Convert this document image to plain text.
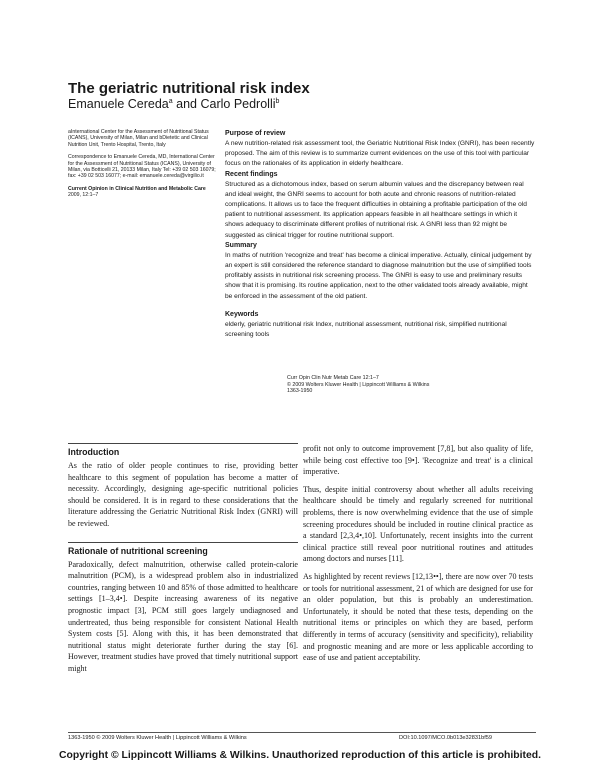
The geriatric nutritional risk index
Emanuele Cereda$^a$ and Carlo Pedrolli$^b$

aInternational Center for the Assessment of Nutritional Status (ICANS), University of Milan, Milan and bDietetic and Clinical Nutrition Unit, Trento Hospital, Trento, Italy

Correspondence to Emanuele Cereda, MD, International Center for the Assessment of Nutritional Status (ICANS), University of Milan, via Botticelli 21, 20133 Milan, Italy Tel: +39 02 503 16079; fax: +39 02 503 16077; e-mail: emanuele.cereda@virgilio.it

Current Opinion in Clinical Nutrition and Metabolic Care 2009, 12:1–7

Purpose of review

A new nutrition-related risk assessment tool, the Geriatric Nutritional Risk Index (GNRI), has been recently proposed. The aim of this review is to summarize current evidences on the use of this tool with particular focus on the rationales of its application in elderly healthcare.

Recent findings

Structured as a dichotomous index, based on serum albumin values and the discrepancy between real and ideal weight, the GNRI seems to account for both acute and chronic reasons of nutrition-related complications. It allows us to face the frequent difficulties in obtaining a profitable participation of the old patient to nutritional assessment. Its application appears feasible in all healthcare settings in which it shows adequacy to discriminate different profiles of nutritional risk. A GNRI less than 92 might be suggested as clinical trigger for routine nutritional support.

Summary

In maths of nutrition 'recognize and treat' has become a clinical imperative. Actually, clinical judgement by an expert is still considered the reference standard to diagnose malnutrition but the use of simplified tools profitably assists in nutritional risk screening process. The GNRI is easy to use and preliminary results show that it is promising. Its routine application, next to the other validated tools already available, might be enforced in the assessment of the old patient.

Keywords

elderly, geriatric nutritional risk Index, nutritional assessment, nutritional risk, simplified nutritional screening tools

Curr Opin Clin Nutr Metab Care 12:1–7
© 2009 Wolters Kluwer Health | Lippincott Williams & Wilkins
1363-1950
Introduction

As the ratio of older people continues to rise, providing better healthcare to this segment of population has become a matter of necessity. Accordingly, designing age-specific nutritional policies should be considered. It is in regard to these considerations that the literature addressing the Geriatric Nutritional Risk Index (GNRI) will be reviewed.

Rationale of nutritional screening

Paradoxically, defect malnutrition, otherwise called protein-calorie malnutrition (PCM), is a widespread problem also in industrialized countries, ranging between 10 and 85% of those admitted to healthcare settings [1–3,4•]. Despite increasing awareness of its negative prognostic impact [3], PCM still goes largely undiagnosed and undertreated, thus being responsible for consistent National Health System costs [5]. Along with this, it has been demonstrated that nutritional status might deteriorate further during the stay [6]. However, treatment studies have proved that timely nutritional support might

profit not only to outcome improvement [7,8], but also quality of life, while being cost effective too [9•]. 'Recognize and treat' is a clinical imperative.

Thus, despite initial controversy about whether all adults receiving healthcare should be timely and regularly screened for nutritional problems, there is now overwhelming evidence that the use of simple screening procedures should be included in routine clinical practice as a standard [2,3,4•,10]. Unfortunately, recent insights into the current clinical practice still reveal poor nutritional routines and attitudes among doctors and nurses [11].

As highlighted by recent reviews [12,13••], there are now over 70 tests or tools for nutritional assessment, 21 of which are designed for use for an older population, but this is probably an underestimation. Unfortunately, it should be noted that these tests, depending on the nutritional items or principles on which they are based, perform differently in terms of accuracy (sensitivity and specificity), reliability and prognostic meaning and are more or less applicable according to ease of use and patient acceptability.

1363-1950 © 2009 Wolters Kluwer Health | Lippincott Williams & Wilkins	DOI:10.1097/MCO.0b013e32831bf59
Copyright © Lippincott Williams & Wilkins. Unauthorized reproduction of this article is prohibited.
